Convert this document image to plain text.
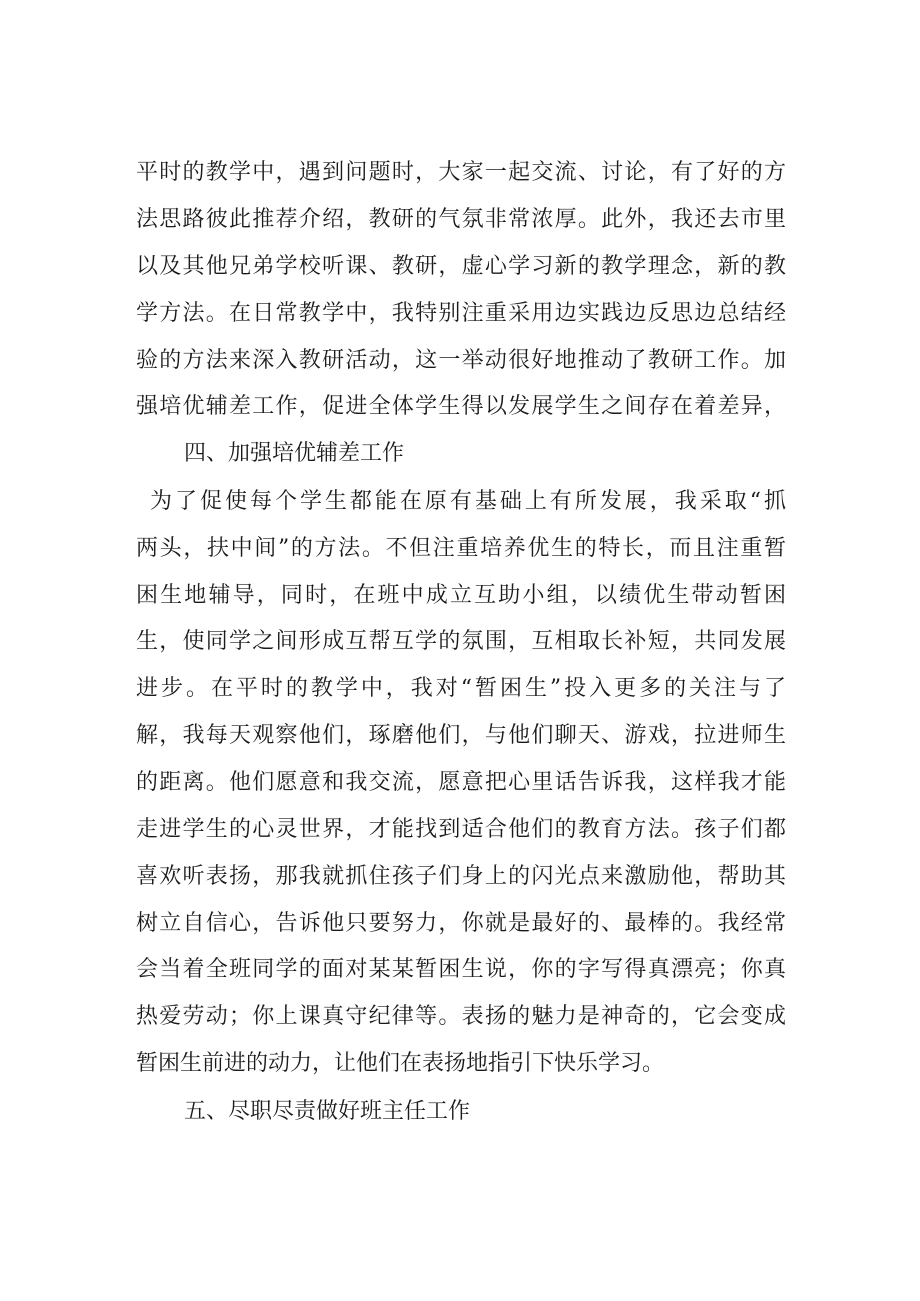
平时的教学中，遇到问题时，大家一起交流、讨论，有了好的方
法思路彼此推荐介绍，教研的气氛非常浓厚。此外，我还去市里
以及其他兄弟学校听课、教研，虚心学习新的教学理念，新的教
学方法。在日常教学中，我特别注重采用边实践边反思边总结经
验的方法来深入教研活动，这一举动很好地推动了教研工作。加
强培优辅差工作，促进全体学生得以发展学生之间存在着差异，
四、加强培优辅差工作
为了促使每个学生都能在原有基础上有所发展，我采取“抓
两头，扶中间”的方法。不但注重培养优生的特长，而且注重暂
困生地辅导，同时，在班中成立互助小组，以绩优生带动暂困
生，使同学之间形成互帮互学的氛围，互相取长补短，共同发展
进步。在平时的教学中，我对“暂困生”投入更多的关注与了
解，我每天观察他们，琢磨他们，与他们聊天、游戏，拉进师生
的距离。他们愿意和我交流，愿意把心里话告诉我，这样我才能
走进学生的心灵世界，才能找到适合他们的教育方法。孩子们都
喜欢听表扬，那我就抓住孩子们身上的闪光点来激励他，帮助其
树立自信心，告诉他只要努力，你就是最好的、最棒的。我经常
会当着全班同学的面对某某暂困生说，你的字写得真漂亮；你真
热爱劳动；你上课真守纪律等。表扬的魅力是神奇的，它会变成
暂困生前进的动力，让他们在表扬地指引下快乐学习。
五、尽职尽责做好班主任工作
